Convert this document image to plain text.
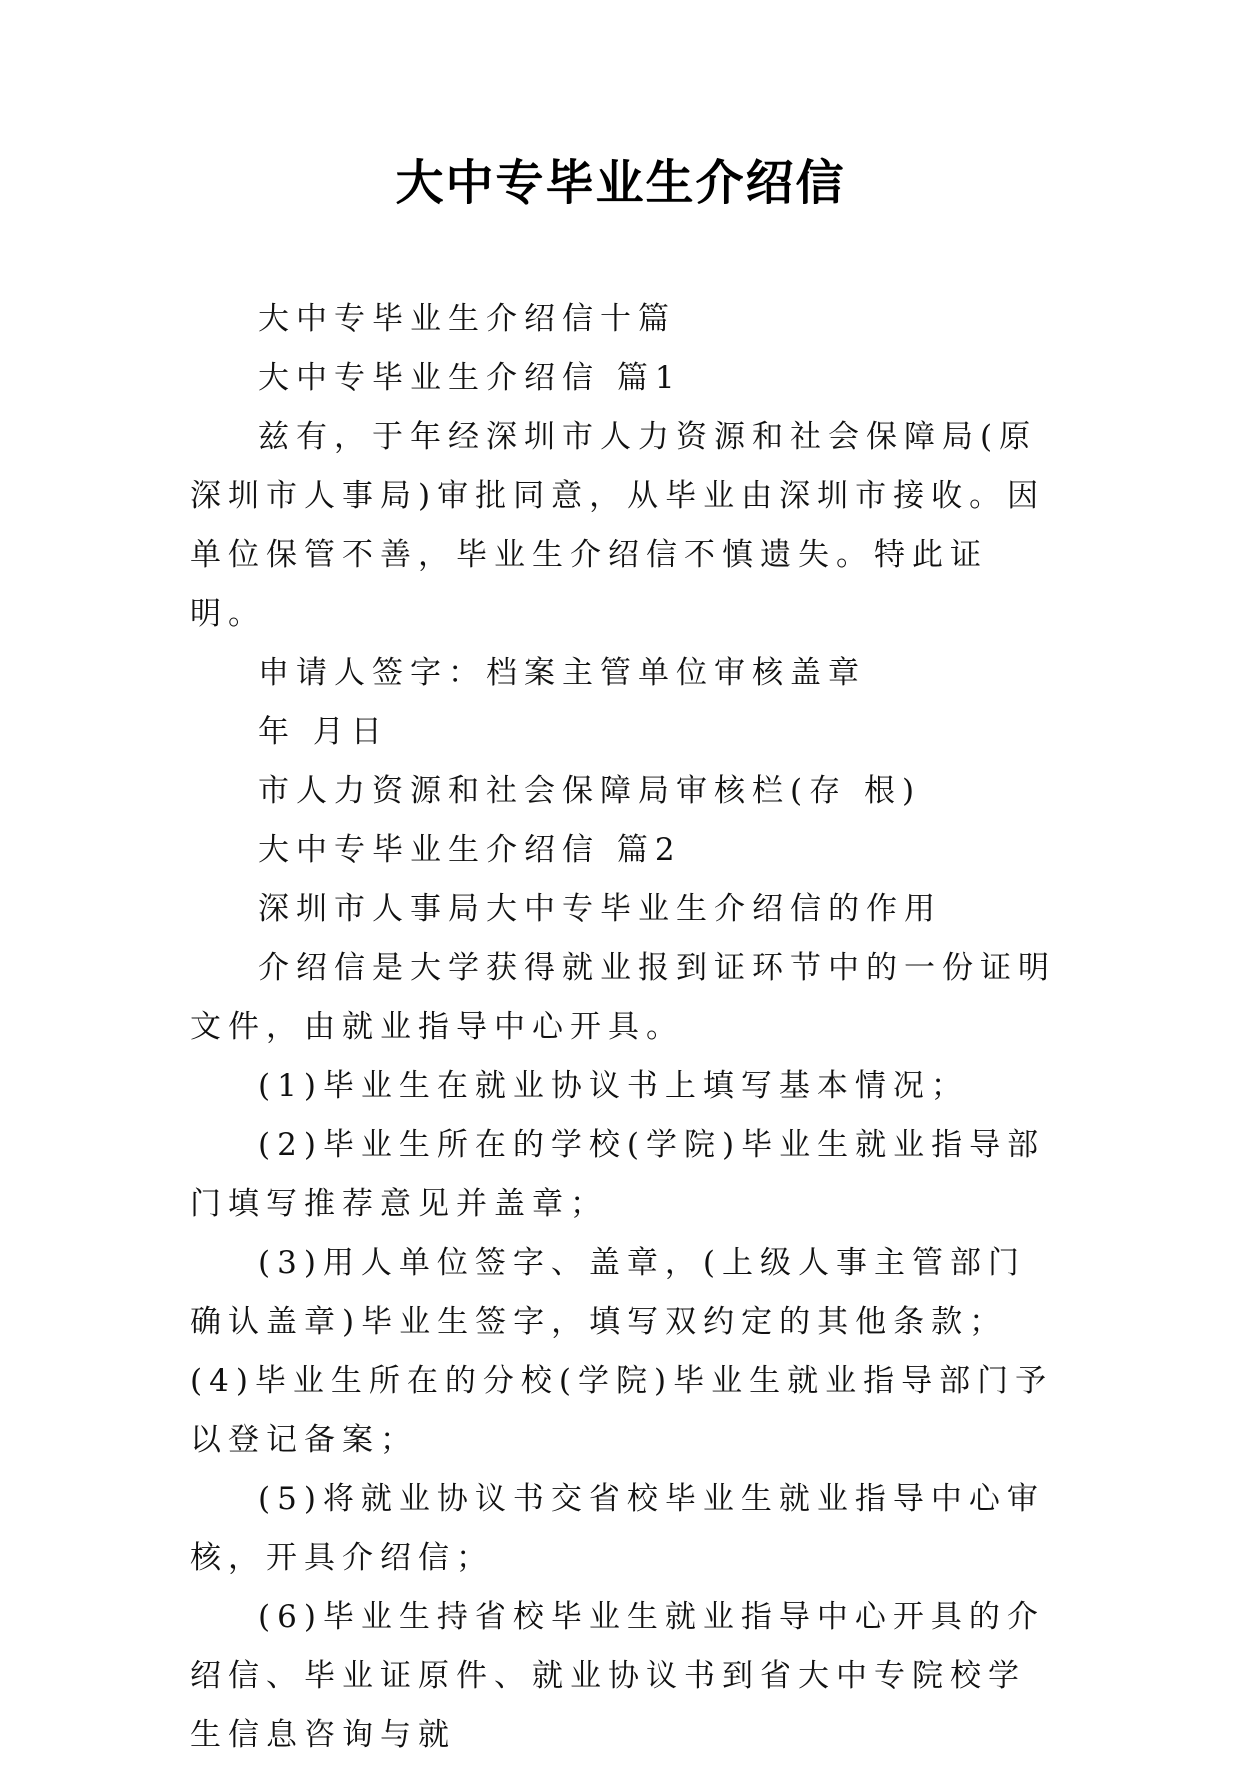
大中专毕业生介绍信

大中专毕业生介绍信十篇

大中专毕业生介绍信 篇1

兹有，于年经深圳市人力资源和社会保障局(原深圳市人事局)审批同意，从毕业由深圳市接收。因单位保管不善，毕业生介绍信不慎遗失。特此证明。

申请人签字：档案主管单位审核盖章

年 月日

市人力资源和社会保障局审核栏(存 根)

大中专毕业生介绍信 篇2

深圳市人事局大中专毕业生介绍信的作用

介绍信是大学获得就业报到证环节中的一份证明文件，由就业指导中心开具。

(1)毕业生在就业协议书上填写基本情况；

(2)毕业生所在的学校(学院)毕业生就业指导部门填写推荐意见并盖章；

(3)用人单位签字、盖章，(上级人事主管部门确认盖章)毕业生签字，填写双约定的其他条款；(4)毕业生所在的分校(学院)毕业生就业指导部门予以登记备案；

(5)将就业协议书交省校毕业生就业指导中心审核，开具介绍信；

(6)毕业生持省校毕业生就业指导中心开具的介绍信、毕业证原件、就业协议书到省大中专院校学生信息咨询与就
